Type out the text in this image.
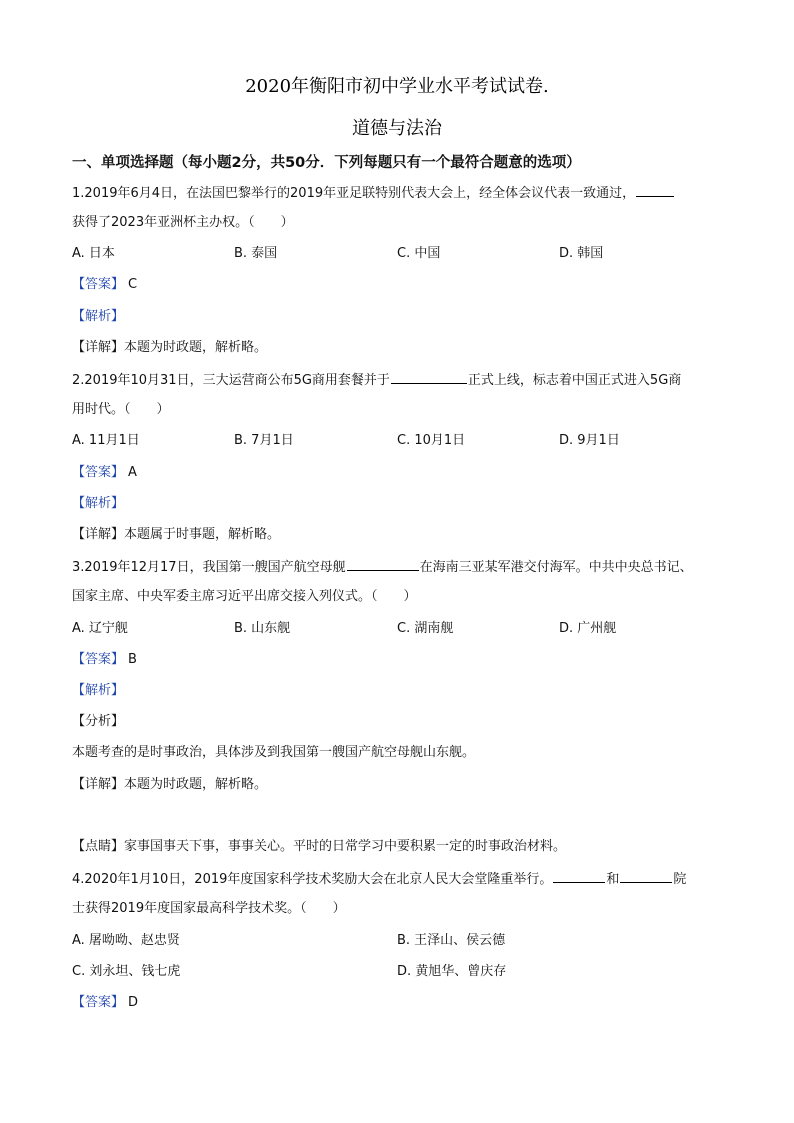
2020年衡阳市初中学业水平考试试卷.
道德与法治
一、单项选择题（每小题2分，共50分．下列每题只有一个最符合题意的选项）
1.2019年6月4日，在法国巴黎举行的2019年亚足联特别代表大会上，经全体会议代表一致通过，
获得了2023年亚洲杯主办权。（　　）
A. 日本	B. 泰国	C. 中国	D. 韩国
【答案】 C
【解析】
【详解】本题为时政题，解析略。
2.2019年10月31日，三大运营商公布5G商用套餐并于	正式上线，标志着中国正式进入5G商
用时代。（　　）
A. 11月1日	B. 7月1日	C. 10月1日	D. 9月1日
【答案】 A
【解析】
【详解】本题属于时事题，解析略。
3.2019年12月17日，我国第一艘国产航空母舰	在海南三亚某军港交付海军。中共中央总书记、
国家主席、中央军委主席习近平出席交接入列仪式。（　　）
A. 辽宁舰	B. 山东舰	C. 湖南舰	D. 广州舰
【答案】 B
【解析】
【分析】
本题考查的是时事政治，具体涉及到我国第一艘国产航空母舰山东舰。
【详解】本题为时政题，解析略。
【点睛】家事国事天下事，事事关心。平时的日常学习中要积累一定的时事政治材料。
4.2020年1月10日，2019年度国家科学技术奖励大会在北京人民大会堂隆重举行。	和	院
士获得2019年度国家最高科学技术奖。（　　）
A. 屠呦呦、赵忠贤	B. 王泽山、侯云德
C. 刘永坦、钱七虎	D. 黄旭华、曾庆存
【答案】 D
